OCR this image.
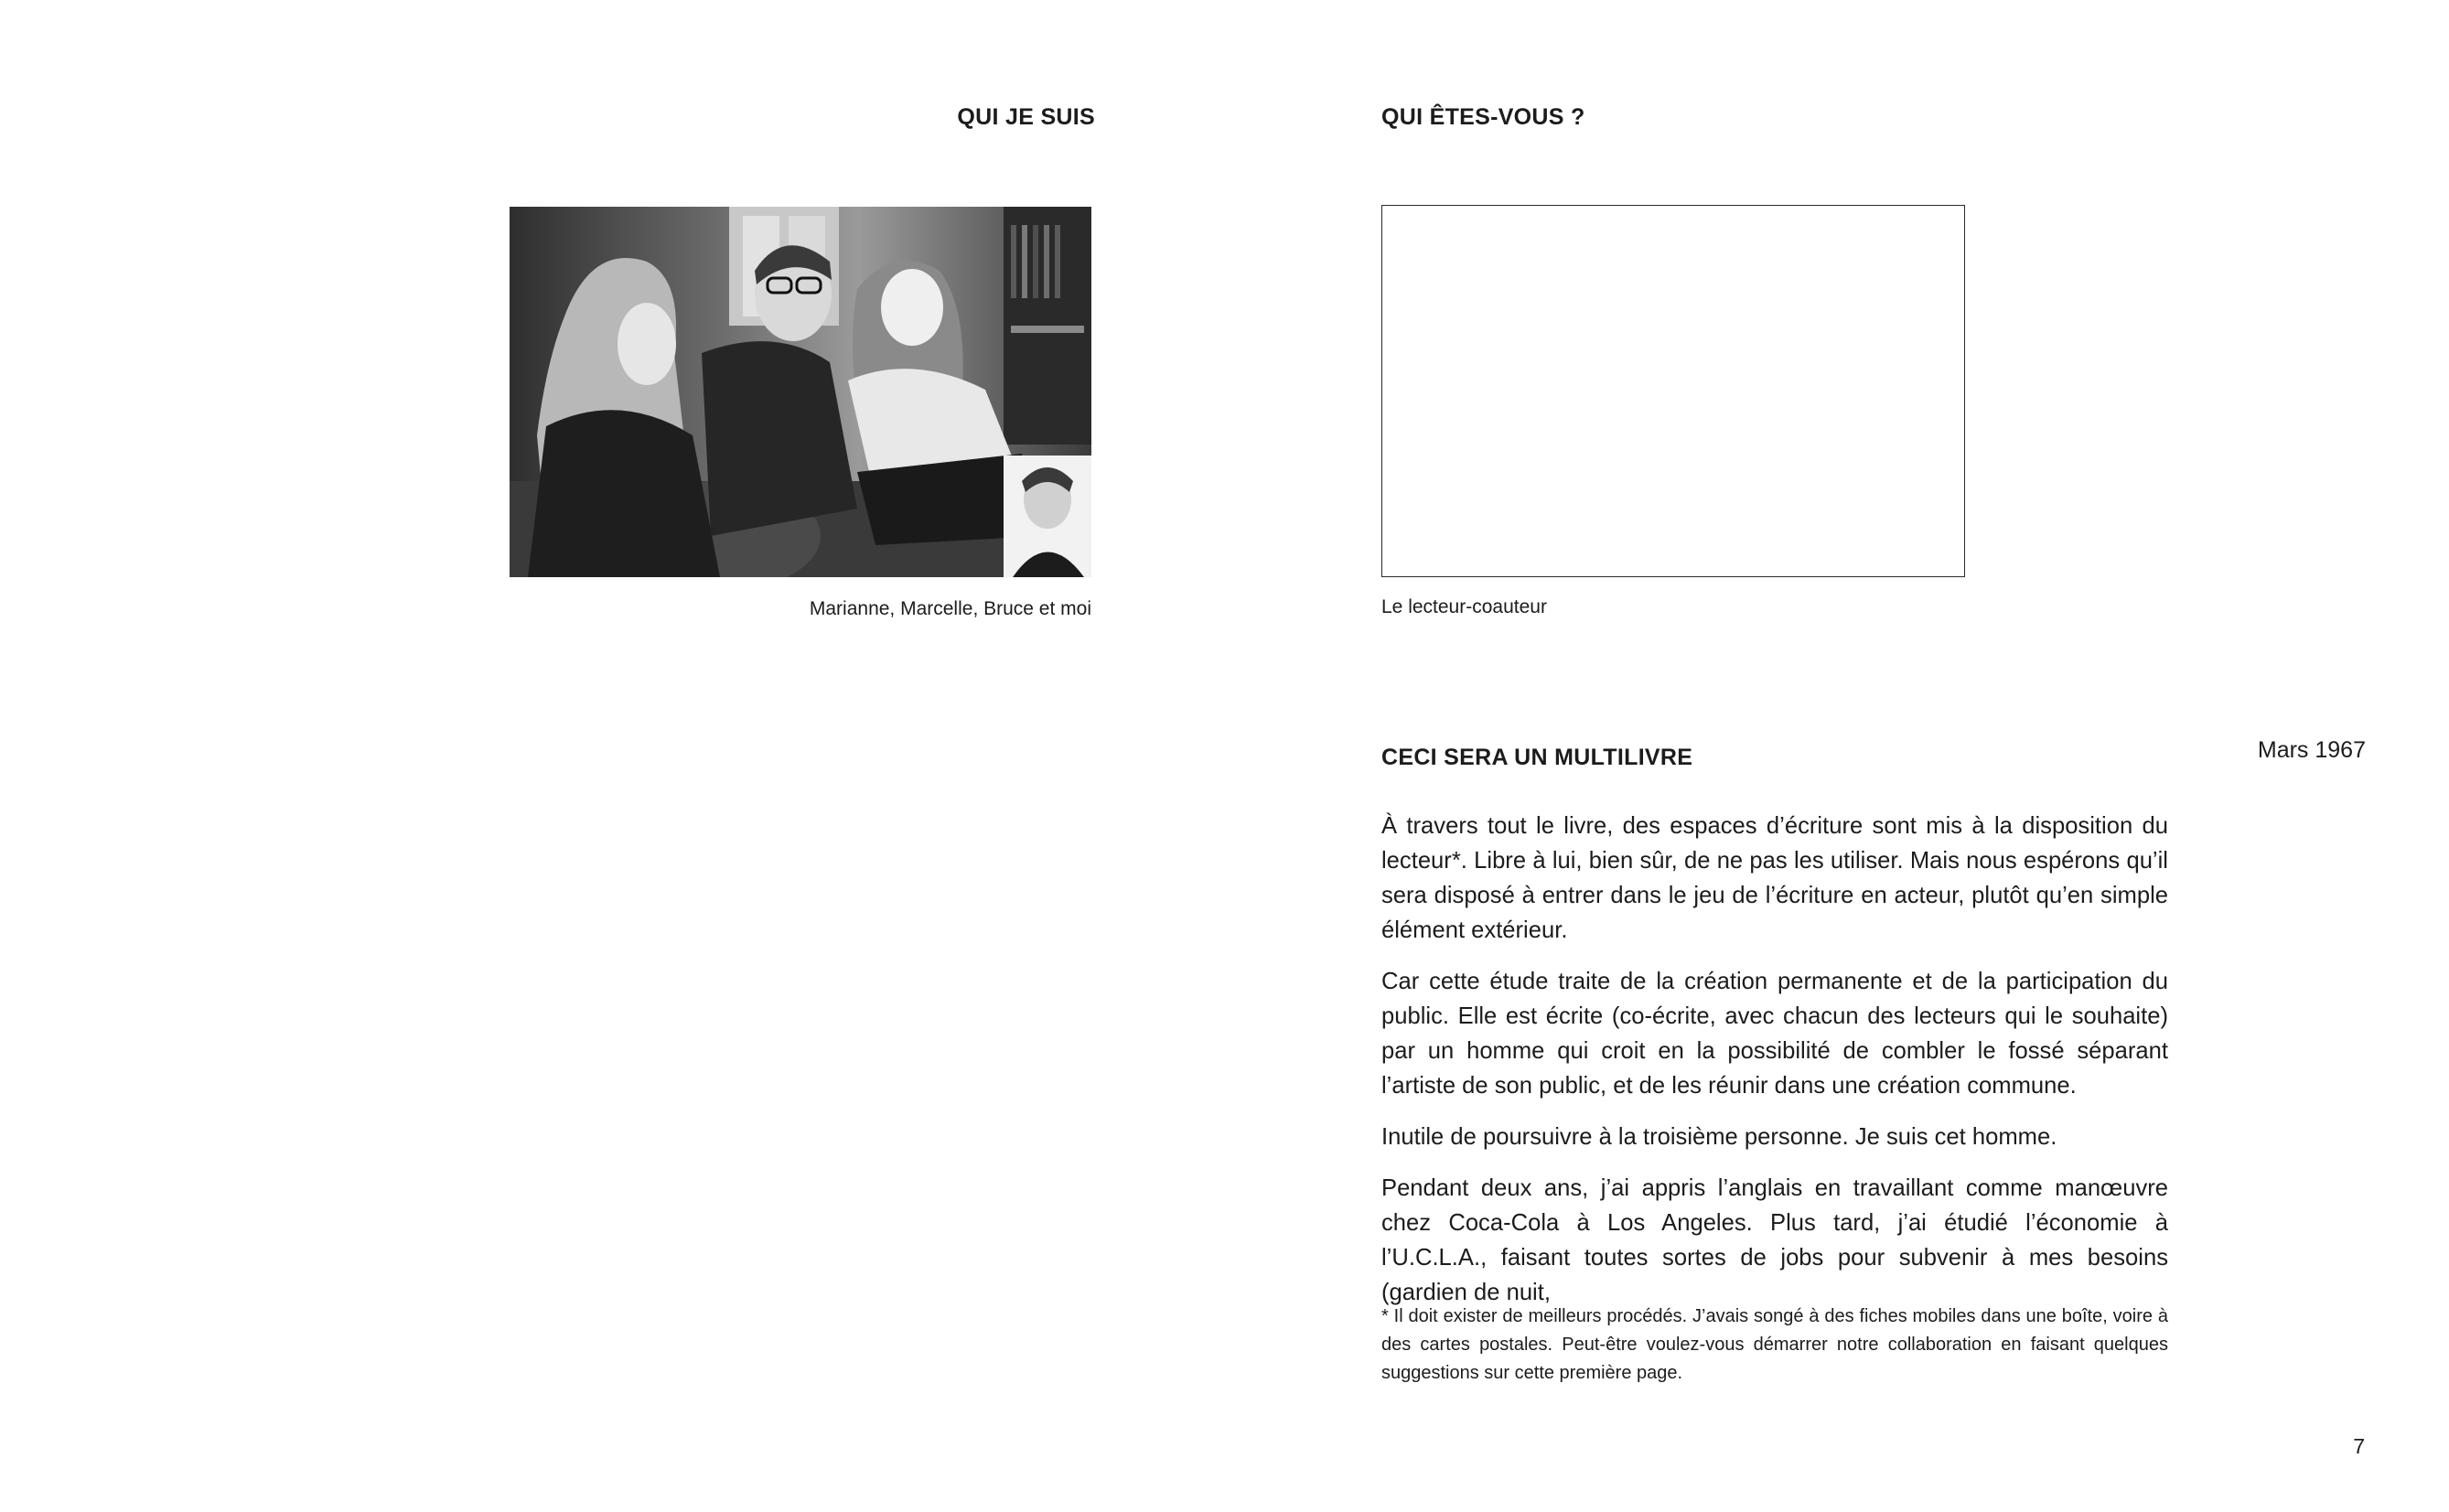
QUI JE SUIS
Marianne, Marcelle, Bruce et moi
QUI ÊTES-VOUS ?
Le lecteur-coauteur
CECI SERA UN MULTILIVRE	Mars 1967

À travers tout le livre, des espaces d’écriture sont mis à la disposition du lecteur*. Libre à lui, bien sûr, de ne pas les utiliser. Mais nous espérons qu’il sera disposé à entrer dans le jeu de l’écriture en acteur, plutôt qu’en simple élément extérieur.

Car cette étude traite de la création permanente et de la participation du public. Elle est écrite (co-écrite, avec chacun des lecteurs qui le souhaite) par un homme qui croit en la possibilité de combler le fossé séparant l’artiste de son public, et de les réunir dans une création commune.

Inutile de poursuivre à la troisième personne. Je suis cet homme.

Pendant deux ans, j’ai appris l’anglais en travaillant comme manœuvre chez Coca-Cola à Los Angeles. Plus tard, j’ai étudié l’économie à l’U.C.L.A., faisant toutes sortes de jobs pour subvenir à mes besoins (gardien de nuit,

* Il doit exister de meilleurs procédés. J’avais songé à des fiches mobiles dans une boîte, voire à des cartes postales. Peut-être voulez-vous démarrer notre collaboration en faisant quelques suggestions sur cette première page.
7
